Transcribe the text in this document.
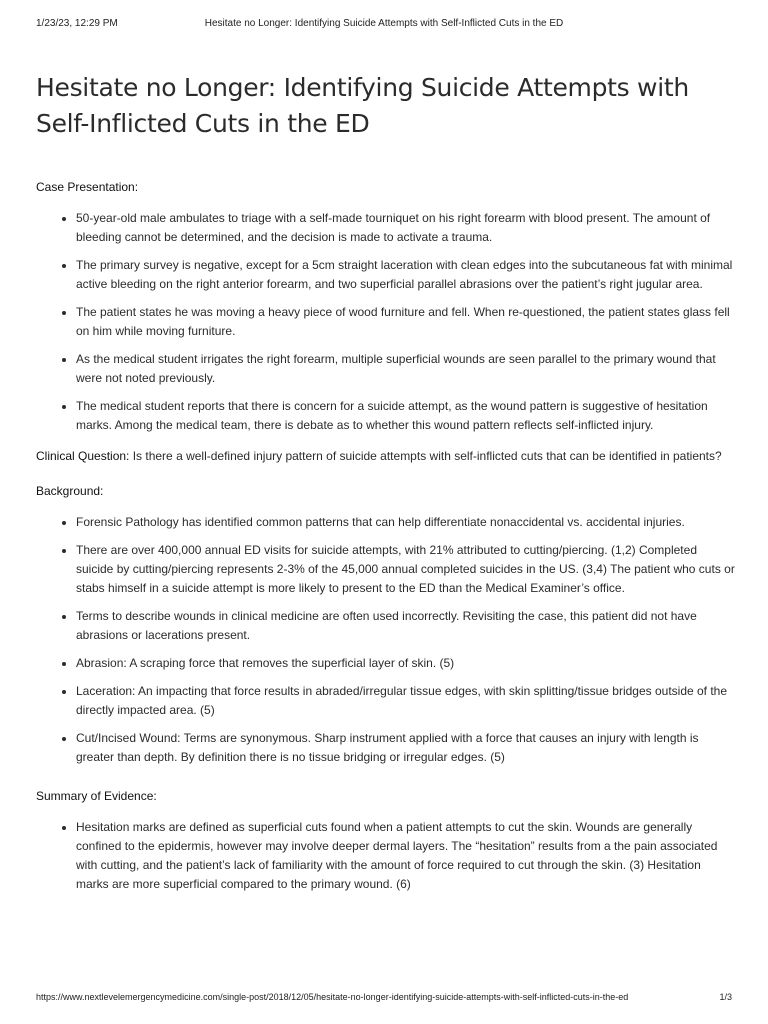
1/23/23, 12:29 PM	Hesitate no Longer: Identifying Suicide Attempts with Self-Inflicted Cuts in the ED
Hesitate no Longer: Identifying Suicide Attempts with
Self-Inflicted Cuts in the ED
Case Presentation:
• 50-year-old male ambulates to triage with a self-made tourniquet on his right forearm with blood present. The amount of bleeding cannot be determined, and the decision is made to activate a trauma.
• The primary survey is negative, except for a 5cm straight laceration with clean edges into the subcutaneous fat with minimal active bleeding on the right anterior forearm, and two superficial parallel abrasions over the patient’s right jugular area.
• The patient states he was moving a heavy piece of wood furniture and fell. When re-questioned, the patient states glass fell on him while moving furniture.
• As the medical student irrigates the right forearm, multiple superficial wounds are seen parallel to the primary wound that were not noted previously.
• The medical student reports that there is concern for a suicide attempt, as the wound pattern is suggestive of hesitation marks. Among the medical team, there is debate as to whether this wound pattern reflects self-inflicted injury.

Clinical Question: Is there a well-defined injury pattern of suicide attempts with self-inflicted cuts that can be identified in patients?

Background:
• Forensic Pathology has identified common patterns that can help differentiate nonaccidental vs. accidental injuries.
• There are over 400,000 annual ED visits for suicide attempts, with 21% attributed to cutting/piercing. (1,2) Completed suicide by cutting/piercing represents 2-3% of the 45,000 annual completed suicides in the US. (3,4) The patient who cuts or stabs himself in a suicide attempt is more likely to present to the ED than the Medical Examiner’s office.
• Terms to describe wounds in clinical medicine are often used incorrectly. Revisiting the case, this patient did not have abrasions or lacerations present.
• Abrasion: A scraping force that removes the superficial layer of skin. (5)
• Laceration: An impacting that force results in abraded/irregular tissue edges, with skin splitting/tissue bridges outside of the directly impacted area. (5)
• Cut/Incised Wound: Terms are synonymous. Sharp instrument applied with a force that causes an injury with length is greater than depth. By definition there is no tissue bridging or irregular edges. (5)
Summary of Evidence:
• Hesitation marks are defined as superficial cuts found when a patient attempts to cut the skin. Wounds are generally confined to the epidermis, however may involve deeper dermal layers. The “hesitation” results from a the pain associated with cutting, and the patient’s lack of familiarity with the amount of force required to cut through the skin. (3) Hesitation marks are more superficial compared to the primary wound. (6)
https://www.nextlevelemergencymedicine.com/single-post/2018/12/05/hesitate-no-longer-identifying-suicide-attempts-with-self-inflicted-cuts-in-the-ed	1/3
